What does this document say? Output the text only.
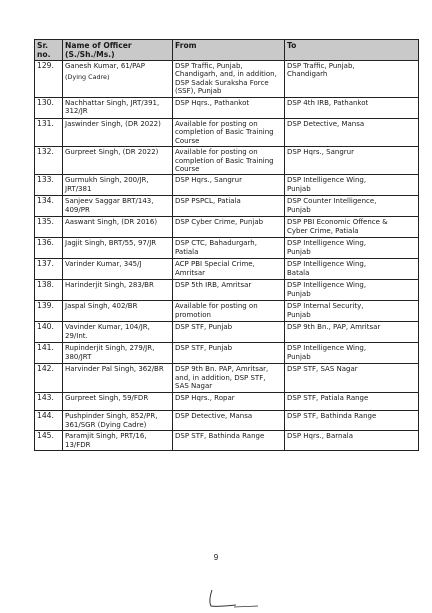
Sr.
no.	Name of Officer
(S./Sh./Ms.)	From	To
129.	Ganesh Kumar, 61/PAP
(Dying Cadre)	DSP Traffic, Punjab,
Chandigarh, and, in addition,
DSP Sadak Suraksha Force
(SSF), Punjab	DSP Traffic, Punjab,
Chandigarh
130.	Nachhattar Singh, JRT/391,
312/JR	DSP Hqrs., Pathankot	DSP 4th IRB, Pathankot
131.	Jaswinder Singh, (DR 2022)	Available for posting on
completion of Basic Training
Course	DSP Detective, Mansa
132.	Gurpreet Singh, (DR 2022)	Available for posting on
completion of Basic Training
Course	DSP Hqrs., Sangrur
133.	Gurmukh Singh, 200/JR,
JRT/381	DSP Hqrs., Sangrur	DSP Intelligence Wing,
Punjab
134.	Sanjeev Saggar BRT/143,
409/PR	DSP PSPCL, Patiala	DSP Counter Intelligence,
Punjab
135.	Aaswant Singh, (DR 2016)	DSP Cyber Crime, Punjab	DSP PBI Economic Offence &
Cyber Crime, Patiala
136.	Jagjit Singh, BRT/55, 97/JR	DSP CTC, Bahadurgarh,
Patiala	DSP Intelligence Wing,
Punjab
137.	Varinder Kumar, 345/J	ACP PBI Special Crime,
Amritsar	DSP Intelligence Wing,
Batala
138.	Harinderjit Singh, 283/BR	DSP 5th IRB, Amritsar	DSP Intelligence Wing,
Punjab
139.	Jaspal Singh, 402/BR	Available for posting on
promotion	DSP Internal Security,
Punjab
140.	Vavinder Kumar, 104/JR,
29/Int.	DSP STF, Punjab	DSP 9th Bn., PAP, Amritsar
141.	Rupinderjit Singh, 279/JR,
380/JRT	DSP STF, Punjab	DSP Intelligence Wing,
Punjab
142.	Harvinder Pal Singh, 362/BR	DSP 9th Bn. PAP, Amritsar,
and, in addition, DSP STF,
SAS Nagar	DSP STF, SAS Nagar
143.	Gurpreet Singh, 59/FDR	DSP Hqrs., Ropar	DSP STF, Patiala Range
144.	Pushpinder Singh, 852/PR,
361/SGR (Dying Cadre)	DSP Detective, Mansa	DSP STF, Bathinda Range
145.	Paramjit Singh, PRT/16,
13/FDR	DSP STF, Bathinda Range	DSP Hqrs., Barnala
9
